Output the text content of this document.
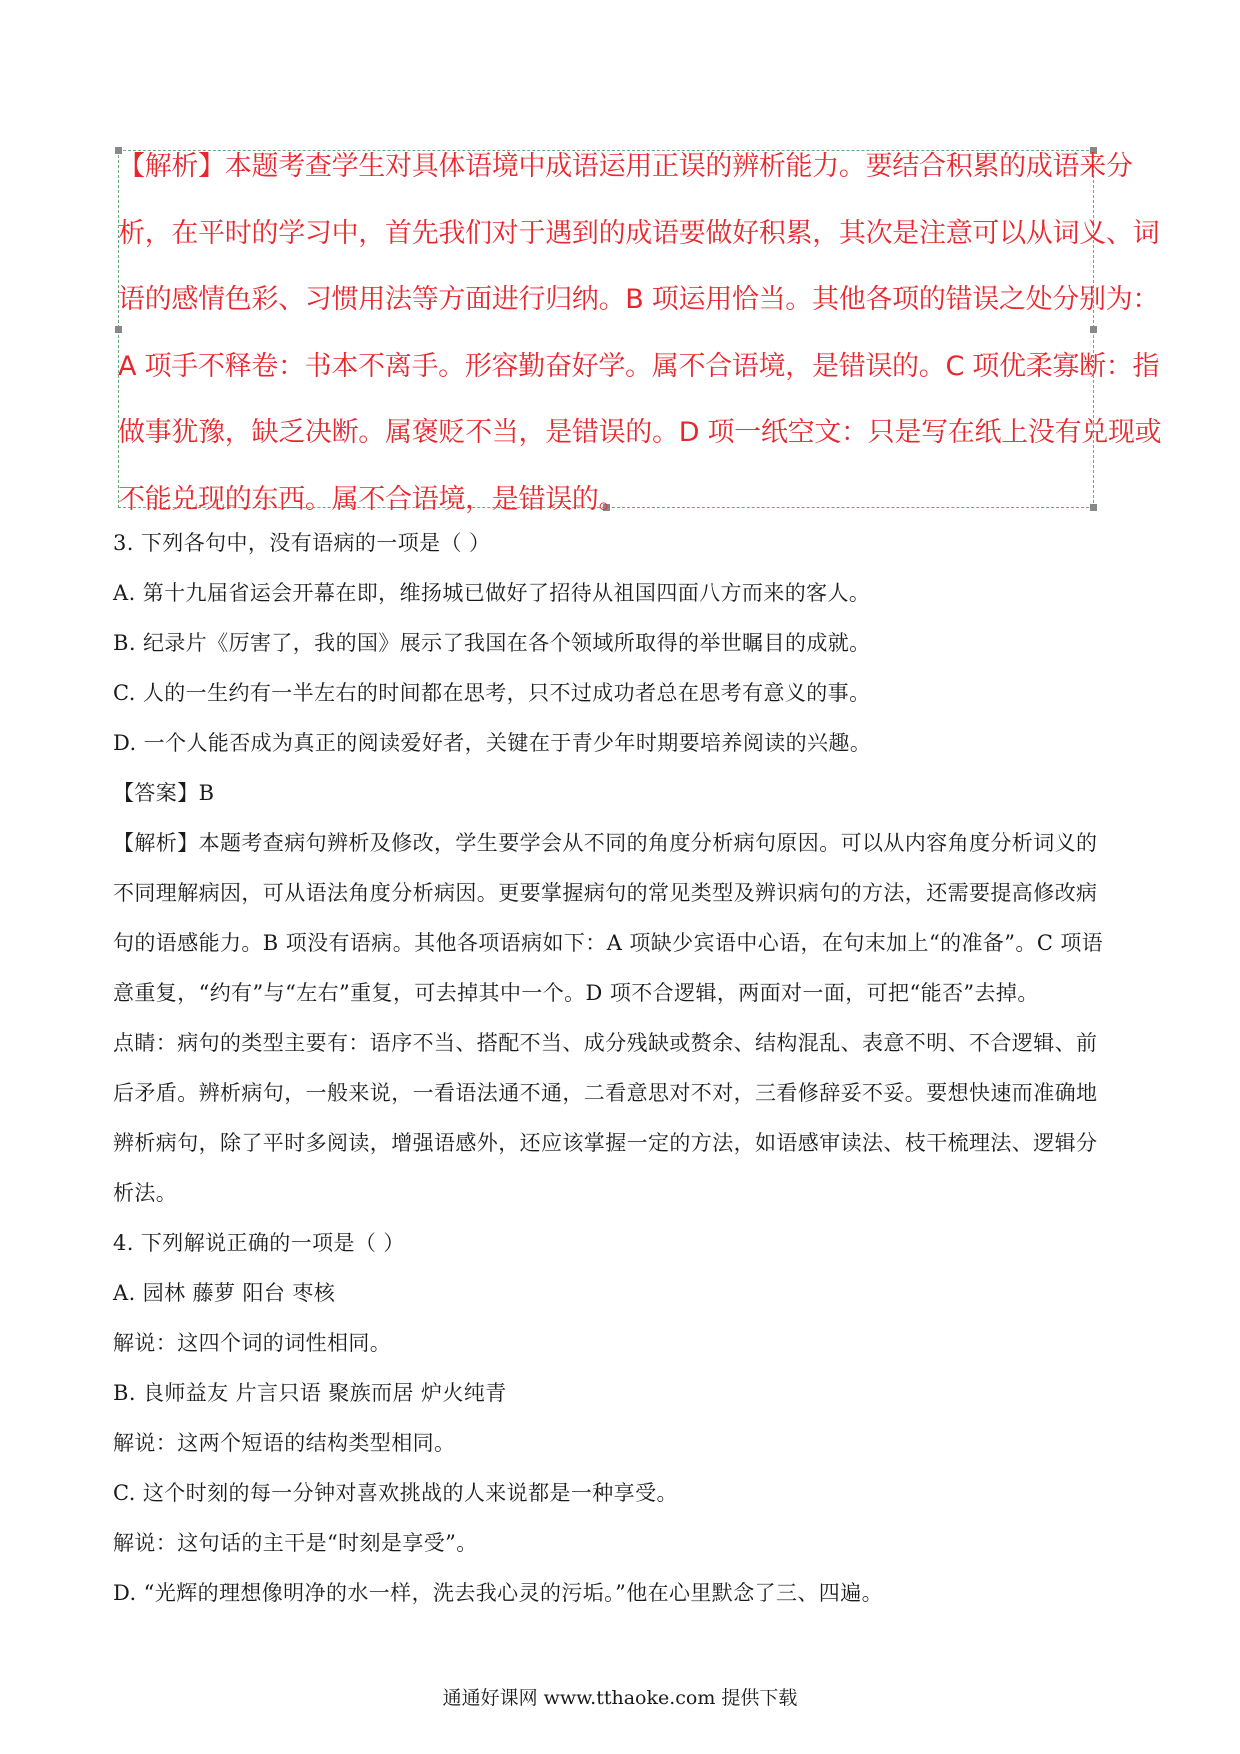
【解析】本题考查学生对具体语境中成语运用正误的辨析能力。要结合积累的成语来分
析，在平时的学习中，首先我们对于遇到的成语要做好积累，其次是注意可以从词义、词
语的感情色彩、习惯用法等方面进行归纳。B 项运用恰当。其他各项的错误之处分别为：
A 项手不释卷：书本不离手。形容勤奋好学。属不合语境，是错误的。C 项优柔寡断：指
做事犹豫，缺乏决断。属褒贬不当，是错误的。D 项一纸空文：只是写在纸上没有兑现或
不能兑现的东西。属不合语境，是错误的。
3. 下列各句中，没有语病的一项是（ ）
A. 第十九届省运会开幕在即，维扬城已做好了招待从祖国四面八方而来的客人。
B. 纪录片《厉害了，我的国》展示了我国在各个领域所取得的举世瞩目的成就。
C. 人的一生约有一半左右的时间都在思考，只不过成功者总在思考有意义的事。
D. 一个人能否成为真正的阅读爱好者，关键在于青少年时期要培养阅读的兴趣。
【答案】B
【解析】本题考查病句辨析及修改，学生要学会从不同的角度分析病句原因。可以从内容角度分析词义的
不同理解病因，可从语法角度分析病因。更要掌握病句的常见类型及辨识病句的方法，还需要提高修改病
句的语感能力。B 项没有语病。其他各项语病如下：A 项缺少宾语中心语，在句末加上“的准备”。C 项语
意重复，“约有”与“左右”重复，可去掉其中一个。D 项不合逻辑，两面对一面，可把“能否”去掉。
点睛：病句的类型主要有：语序不当、搭配不当、成分残缺或赘余、结构混乱、表意不明、不合逻辑、前
后矛盾。辨析病句，一般来说，一看语法通不通，二看意思对不对，三看修辞妥不妥。要想快速而准确地
辨析病句，除了平时多阅读，增强语感外，还应该掌握一定的方法，如语感审读法、枝干梳理法、逻辑分
析法。
4. 下列解说正确的一项是（ ）
A. 园林 藤萝 阳台 枣核
解说：这四个词的词性相同。
B. 良师益友 片言只语 聚族而居 炉火纯青
解说：这两个短语的结构类型相同。
C. 这个时刻的每一分钟对喜欢挑战的人来说都是一种享受。
解说：这句话的主干是“时刻是享受”。
D. “光辉的理想像明净的水一样，洗去我心灵的污垢。”他在心里默念了三、四遍。
通通好课网 www.tthaoke.com 提供下载
